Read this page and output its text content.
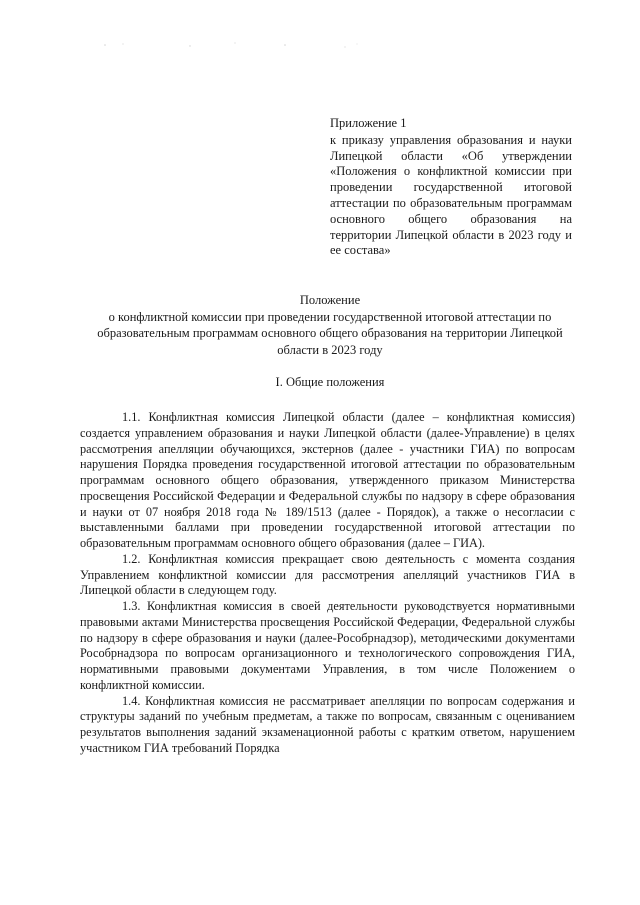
Приложение 1
к приказу управления образования и науки Липецкой области «Об утверждении «Положения о конфликтной комиссии при проведении государственной итоговой аттестации по образовательным программам основного общего образования на территории Липецкой области в 2023 году и ее состава»
Положение
о конфликтной комиссии при проведении государственной итоговой аттестации по образовательным программам основного общего образования на территории Липецкой области в 2023 году
I. Общие положения

1.1. Конфликтная комиссия Липецкой области (далее – конфликтная комиссия) создается управлением образования и науки Липецкой области (далее-Управление) в целях рассмотрения апелляции обучающихся, экстернов (далее - участники ГИА) по вопросам нарушения Порядка проведения государственной итоговой аттестации по образовательным программам основного общего образования, утвержденного приказом Министерства просвещения Российской Федерации и Федеральной службы по надзору в сфере образования и науки от 07 ноября 2018 года № 189/1513 (далее - Порядок), а также о несогласии с выставленными баллами при проведении государственной итоговой аттестации по образовательным программам основного общего образования (далее – ГИА).

1.2. Конфликтная комиссия прекращает свою деятельность с момента создания Управлением конфликтной комиссии для рассмотрения апелляций участников ГИА в Липецкой области в следующем году.

1.3. Конфликтная комиссия в своей деятельности руководствуется нормативными правовыми актами Министерства просвещения Российской Федерации, Федеральной службы по надзору в сфере образования и науки (далее-Рособрнадзор), методическими документами Рособрнадзора по вопросам организационного и технологического сопровождения ГИА, нормативными правовыми документами Управления, в том числе Положением о конфликтной комиссии.

1.4. Конфликтная комиссия не рассматривает апелляции по вопросам содержания и структуры заданий по учебным предметам, а также по вопросам, связанным с оцениванием результатов выполнения заданий экзаменационной работы с кратким ответом, нарушением участником ГИА требований Порядка
